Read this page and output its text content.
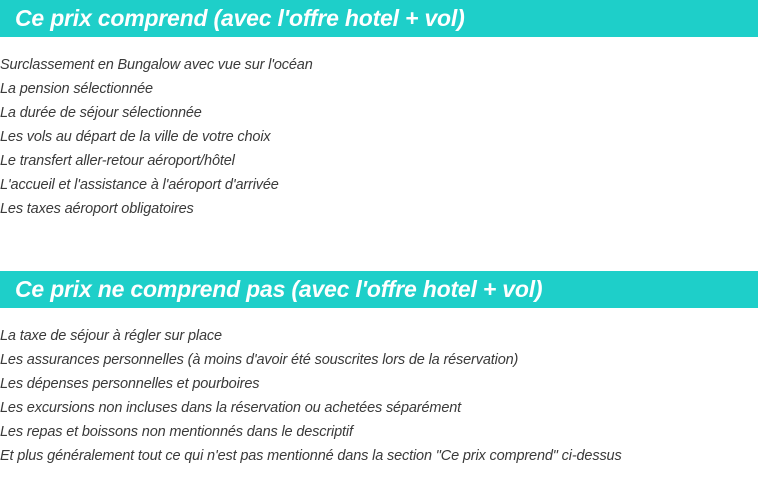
Ce prix comprend (avec l'offre hotel + vol)
Surclassement en Bungalow avec vue sur l'océan
La pension sélectionnée
La durée de séjour sélectionnée
Les vols au départ de la ville de votre choix
Le transfert aller-retour aéroport/hôtel
L'accueil et l'assistance à l'aéroport d'arrivée
Les taxes aéroport obligatoires
Ce prix ne comprend pas (avec l'offre hotel + vol)
La taxe de séjour à régler sur place
Les assurances personnelles (à moins d'avoir été souscrites lors de la réservation)
Les dépenses personnelles et pourboires
Les excursions non incluses dans la réservation ou achetées séparément
Les repas et boissons non mentionnés dans le descriptif
Et plus généralement tout ce qui n'est pas mentionné dans la section "Ce prix comprend" ci-dessus
